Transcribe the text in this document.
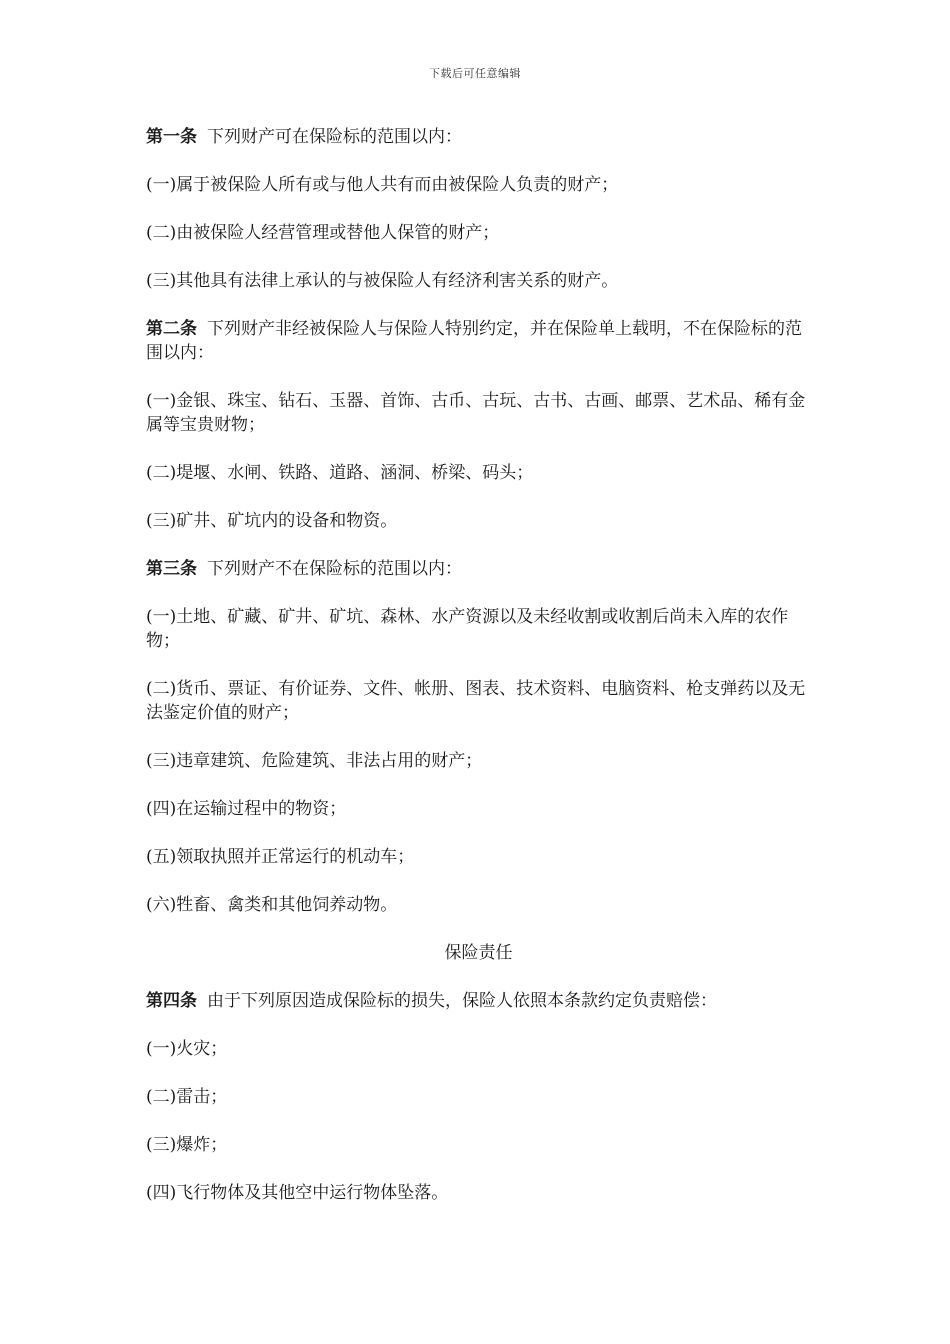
下载后可任意编辑

第一条 下列财产可在保险标的范围以内：

(一)属于被保险人所有或与他人共有而由被保险人负责的财产；

(二)由被保险人经营管理或替他人保管的财产；

(三)其他具有法律上承认的与被保险人有经济利害关系的财产。

第二条 下列财产非经被保险人与保险人特别约定，并在保险单上载明，不在保险标的范围以内：

(一)金银、珠宝、钻石、玉器、首饰、古币、古玩、古书、古画、邮票、艺术品、稀有金属等宝贵财物；

(二)堤堰、水闸、铁路、道路、涵洞、桥梁、码头；

(三)矿井、矿坑内的设备和物资。

第三条 下列财产不在保险标的范围以内：

(一)土地、矿藏、矿井、矿坑、森林、水产资源以及未经收割或收割后尚未入库的农作物；

(二)货币、票证、有价证券、文件、帐册、图表、技术资料、电脑资料、枪支弹药以及无法鉴定价值的财产；

(三)违章建筑、危险建筑、非法占用的财产；

(四)在运输过程中的物资；

(五)领取执照并正常运行的机动车；

(六)牲畜、禽类和其他饲养动物。

保险责任

第四条 由于下列原因造成保险标的损失，保险人依照本条款约定负责赔偿：

(一)火灾；

(二)雷击；

(三)爆炸；

(四)飞行物体及其他空中运行物体坠落。
